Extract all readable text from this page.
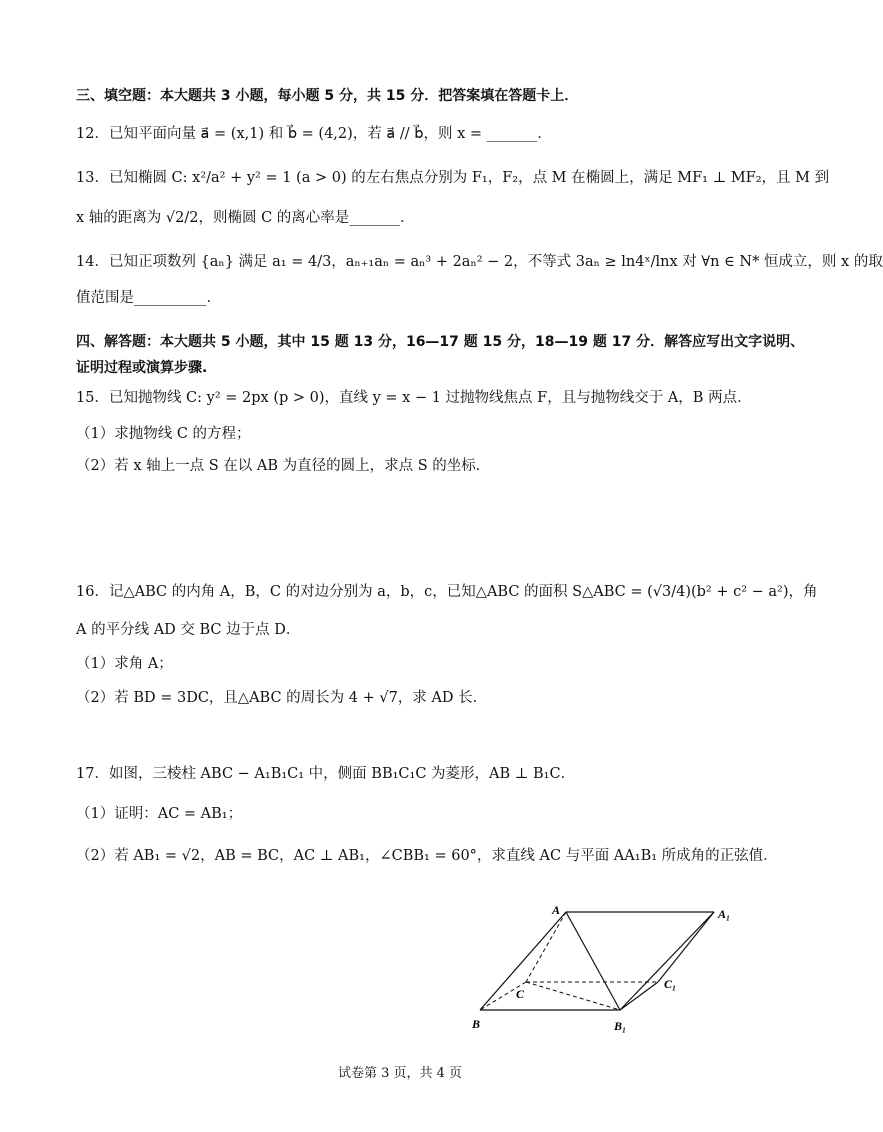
三、填空题：本大题共 3 小题，每小题 5 分，共 15 分．把答案填在答题卡上．
12．已知平面向量 a⃗ = (x,1) 和 b⃗ = (4,2)，若 a⃗ // b⃗，则 x = _______．
13．已知椭圆 C: x²/a² + y² = 1 (a > 0) 的左右焦点分别为 F₁，F₂，点 M 在椭圆上，满足 MF₁ ⊥ MF₂，且 M 到
x 轴的距离为 √2/2，则椭圆 C 的离心率是_______．
14．已知正项数列 {aₙ} 满足 a₁ = 4/3，aₙ₊₁aₙ = aₙ³ + 2aₙ² − 2，不等式 3aₙ ≥ ln4ˣ/lnx 对 ∀n ∈ N* 恒成立，则 x 的取
值范围是__________．
四、解答题：本大题共 5 小题，其中 15 题 13 分，16—17 题 15 分，18—19 题 17 分．解答应写出文字说明、
证明过程或演算步骤.
15．已知抛物线 C: y² = 2px (p > 0)，直线 y = x − 1 过抛物线焦点 F，且与抛物线交于 A，B 两点．
（1）求抛物线 C 的方程；
（2）若 x 轴上一点 S 在以 AB 为直径的圆上，求点 S 的坐标．
16．记△ABC 的内角 A，B，C 的对边分别为 a，b，c，已知△ABC 的面积 S△ABC = (√3/4)(b² + c² − a²)，角
A 的平分线 AD 交 BC 边于点 D．
（1）求角 A；
（2）若 BD = 3DC，且△ABC 的周长为 4 + √7，求 AD 长．
17．如图，三棱柱 ABC − A₁B₁C₁ 中，侧面 BB₁C₁C 为菱形，AB ⊥ B₁C．
（1）证明：AC = AB₁；
（2）若 AB₁ = √2，AB = BC，AC ⊥ AB₁，∠CBB₁ = 60°，求直线 AC 与平面 AA₁B₁ 所成角的正弦值．
A	A₁
B	B₁
C
C₁
试卷第 3 页，共 4 页
